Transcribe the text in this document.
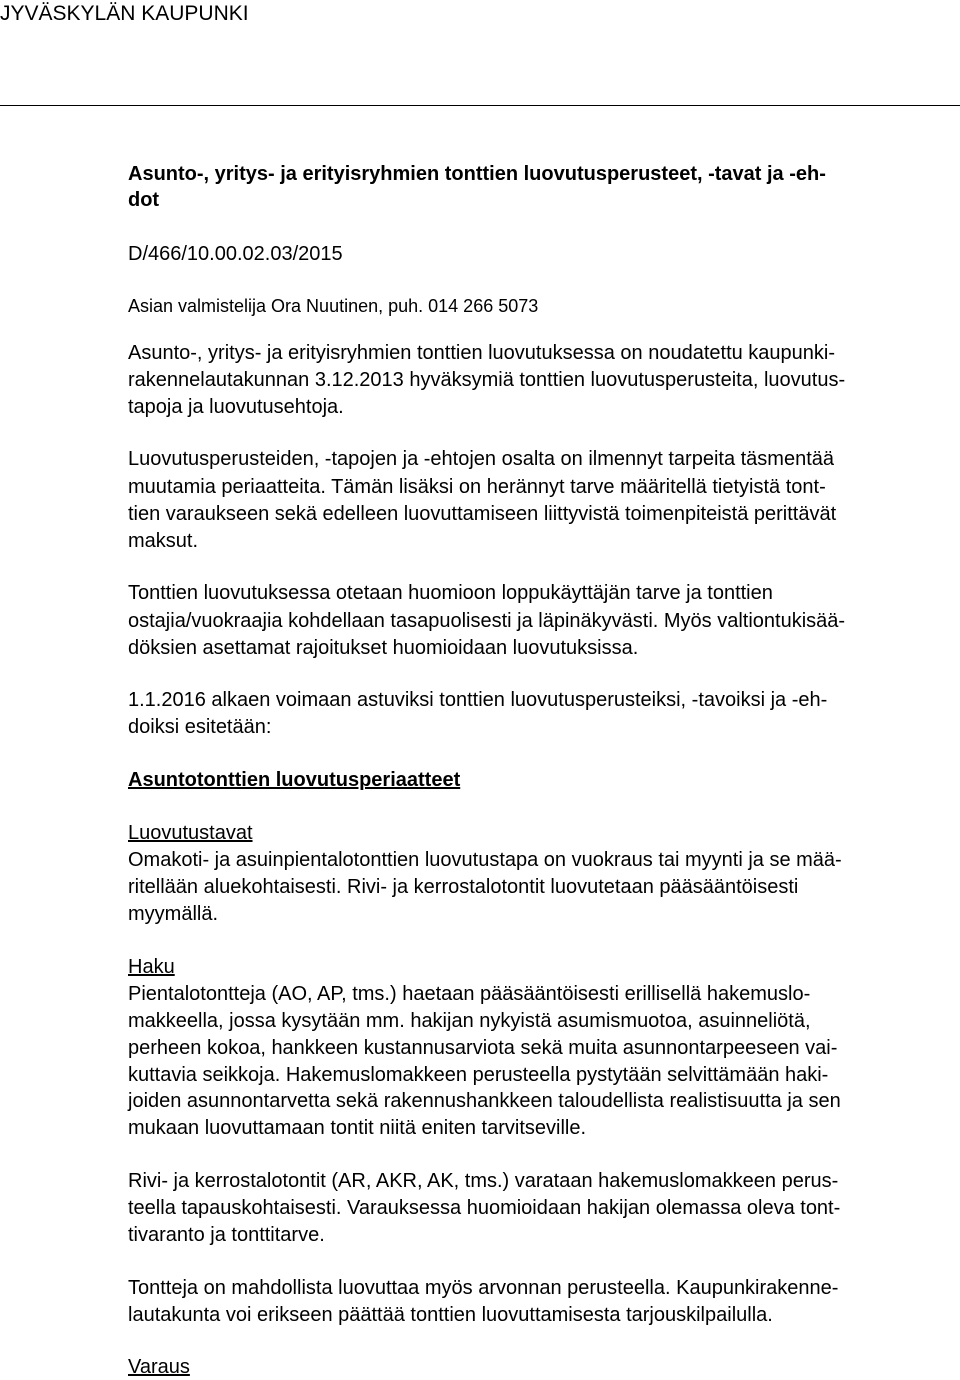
JYVÄSKYLÄN KAUPUNKI
Asunto-, yritys- ja erityisryhmien tonttien luovutusperusteet, -tavat ja -eh-
dot
D/466/10.00.02.03/2015
Asian valmistelija Ora Nuutinen, puh. 014 266 5073
Asunto-, yritys- ja erityisryhmien tonttien luovutuksessa on noudatettu kaupunki-
rakennelautakunnan 3.12.2013 hyväksymiä tonttien luovutusperusteita, luovutus-
tapoja ja luovutusehtoja.
Luovutusperusteiden, -tapojen ja -ehtojen osalta on ilmennyt tarpeita täsmentää
muutamia periaatteita. Tämän lisäksi on herännyt tarve määritellä tietyistä tont-
tien varaukseen sekä edelleen luovuttamiseen liittyvistä toimenpiteistä perittävät
maksut.
Tonttien luovutuksessa otetaan huomioon loppukäyttäjän tarve ja tonttien
ostajia/vuokraajia kohdellaan tasapuolisesti ja läpinäkyvästi. Myös valtiontukisää-
döksien asettamat rajoitukset huomioidaan luovutuksissa.
1.1.2016 alkaen voimaan astuviksi tonttien luovutusperusteiksi, -tavoiksi ja -eh-
doiksi esitetään:
Asuntotonttien luovutusperiaatteet
Luovutustavat
Omakoti- ja asuinpientalotonttien luovutustapa on vuokraus tai myynti ja se mää-
ritellään aluekohtaisesti. Rivi- ja kerrostalotontit luovutetaan pääsääntöisesti
myymällä.
Haku
Pientalotontteja (AO, AP, tms.) haetaan pääsääntöisesti erillisellä hakemuslo-
makkeella, jossa kysytään mm. hakijan nykyistä asumismuotoa, asuinneliötä,
perheen kokoa, hankkeen kustannusarviota sekä muita asunnontarpeeseen vai-
kuttavia seikkoja. Hakemuslomakkeen perusteella pystytään selvittämään haki-
joiden asunnontarvetta sekä rakennushankkeen taloudellista realistisuutta ja sen
mukaan luovuttamaan tontit niitä eniten tarvitseville.
Rivi- ja kerrostalotontit (AR, AKR, AK, tms.) varataan hakemuslomakkeen perus-
teella tapauskohtaisesti. Varauksessa huomioidaan hakijan olemassa oleva tont-
tivaranto ja tonttitarve.
Tontteja on mahdollista luovuttaa myös arvonnan perusteella. Kaupunkirakenne-
lautakunta voi erikseen päättää tonttien luovuttamisesta tarjouskilpailulla.
Varaus
